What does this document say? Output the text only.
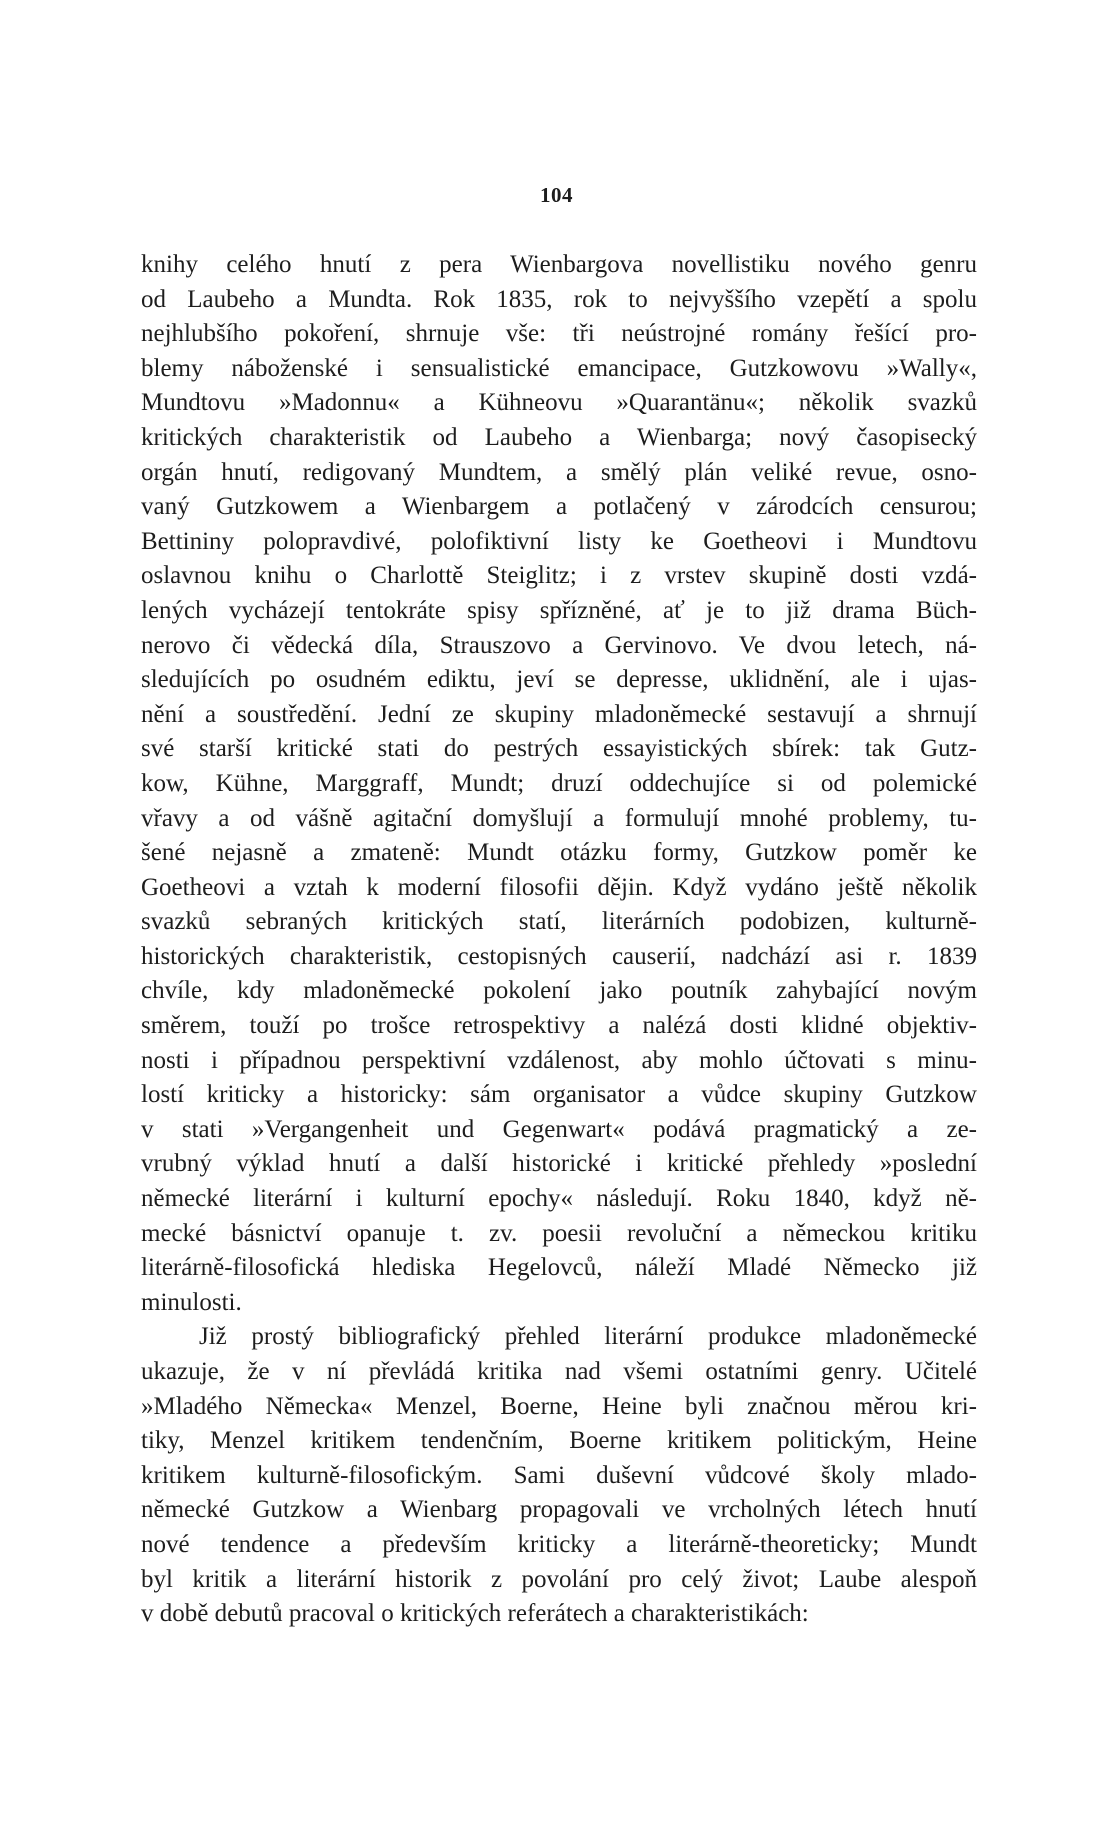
104
knihy celého hnutí z pera Wienbargova novellistiku nového genru
od Laubeho a Mundta. Rok 1835, rok to nejvyššího vzepětí a spolu
nejhlubšího pokoření, shrnuje vše: tři neústrojné romány řešící pro-
blemy náboženské i sensualistické emancipace, Gutzkowovu »Wally«,
Mundtovu »Madonnu« a Kühneovu »Quarantänu«; několik svazků
kritických charakteristik od Laubeho a Wienbarga; nový časopisecký
orgán hnutí, redigovaný Mundtem, a smělý plán veliké revue, osno-
vaný Gutzkowem a Wienbargem a potlačený v zárodcích censurou;
Bettininy polopravdivé, polofiktivní listy ke Goetheovi i Mundtovu
oslavnou knihu o Charlottě Steiglitz; i z vrstev skupině dosti vzdá-
lených vycházejí tentokráte spisy spřízněné, ať je to již drama Büch-
nerovo či vědecká díla, Strauszovo a Gervinovo. Ve dvou letech, ná-
sledujících po osudném ediktu, jeví se depresse, uklidnění, ale i ujas-
nění a soustředění. Jední ze skupiny mladoněmecké sestavují a shrnují
své starší kritické stati do pestrých essayistických sbírek: tak Gutz-
kow, Kühne, Marggraff, Mundt; druzí oddechujíce si od polemické
vřavy a od vášně agitační domyšlují a formulují mnohé problemy, tu-
šené nejasně a zmateně: Mundt otázku formy, Gutzkow poměr ke
Goetheovi a vztah k moderní filosofii dějin. Když vydáno ještě několik
svazků sebraných kritických statí, literárních podobizen, kulturně-
historických charakteristik, cestopisných causerií, nadchází asi r. 1839
chvíle, kdy mladoněmecké pokolení jako poutník zahybající novým
směrem, touží po trošce retrospektivy a nalézá dosti klidné objektiv-
nosti i případnou perspektivní vzdálenost, aby mohlo účtovati s minu-
lostí kriticky a historicky: sám organisator a vůdce skupiny Gutzkow
v stati »Vergangenheit und Gegenwart« podává pragmatický a ze-
vrubný výklad hnutí a další historické i kritické přehledy »poslední
německé literární i kulturní epochy« následují. Roku 1840, když ně-
mecké básnictví opanuje t. zv. poesii revoluční a německou kritiku
literárně-filosofická hlediska Hegelovců, náleží Mladé Německo již
minulosti.
Již prostý bibliografický přehled literární produkce mladoněmecké
ukazuje, že v ní převládá kritika nad všemi ostatními genry. Učitelé
»Mladého Německa« Menzel, Boerne, Heine byli značnou měrou kri-
tiky, Menzel kritikem tendenčním, Boerne kritikem politickým, Heine
kritikem kulturně-filosofickým. Sami duševní vůdcové školy mlado-
německé Gutzkow a Wienbarg propagovali ve vrcholných létech hnutí
nové tendence a především kriticky a literárně-theoreticky; Mundt
byl kritik a literární historik z povolání pro celý život; Laube alespoň
v době debutů pracoval o kritických referátech a charakteristikách:
